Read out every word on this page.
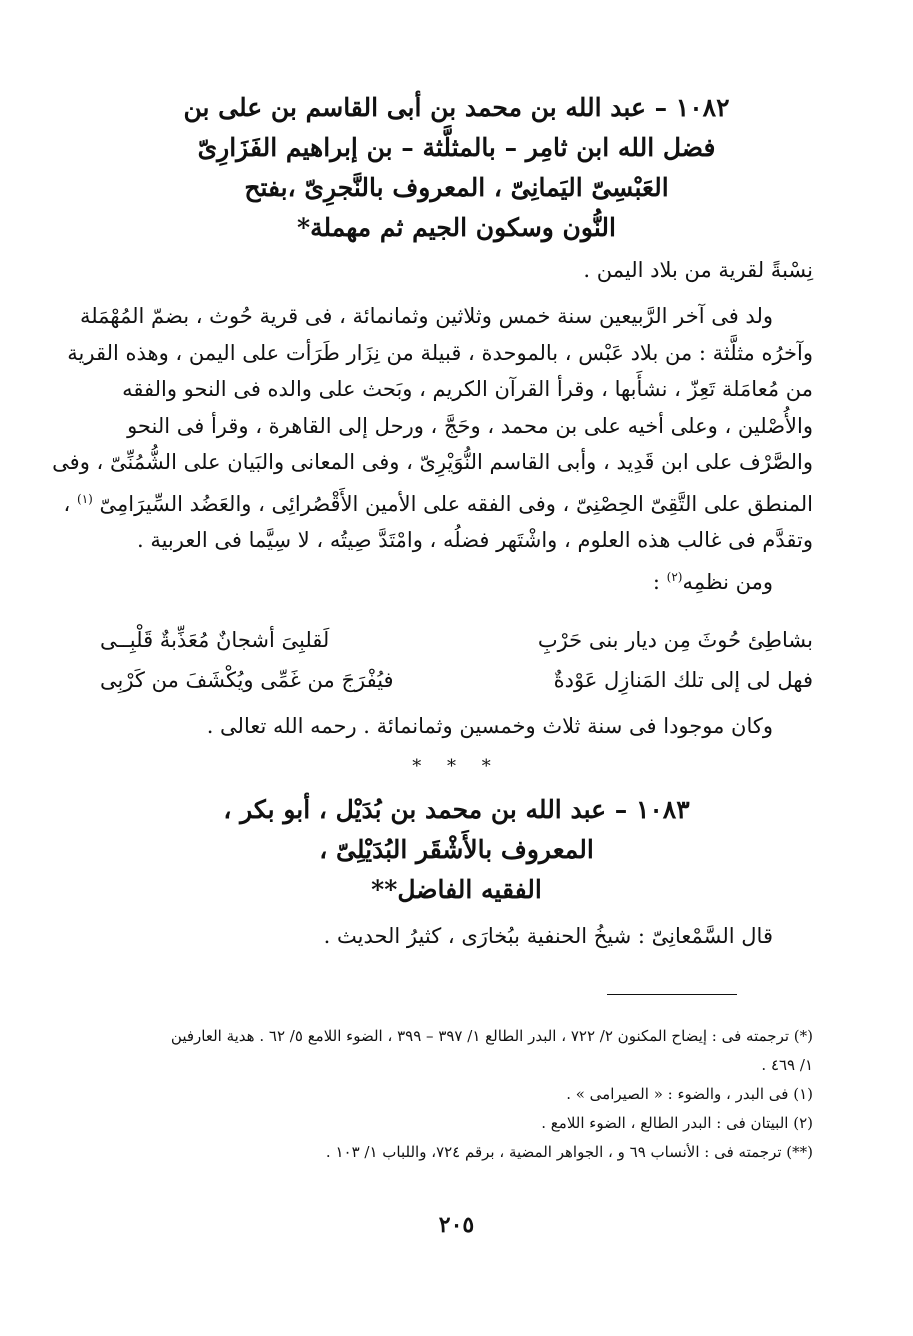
١٠٨٢ – عبد الله بن محمد بن أبى القاسم بن على بن
فضل الله ابن ثامِر – بالمثلَّثة – بن إبراهيم الفَزَارِىّ
العَبْسِىّ اليَمانِىّ ، المعروف بالنَّجرِىّ ،بفتح
النُّون وسكون الجيم ثم مهملة*
نِسْبةً لقرية من بلاد اليمن .
ولد فى آخر الرَّبيعين سنة خمس وثلاثين وثمانمائة ، فى قرية حُوث ، بضمّ المُهْمَلة
وآخرُه مثلَّثة : من بلاد عَبْس ، بالموحدة ، قبيلة من نِزَار طَرَأت على اليمن ، وهذه القرية
من مُعامَلة تَعِزّ ، نشأَبها ، وقرأ القرآن الكريم ، وبَحث على والده فى النحو والفقه
والأُصْلين ، وعلى أخيه على بن محمد ، وحَجَّ ، ورحل إلى القاهرة ، وقرأ فى النحو
والصَّرْف على ابن قَدِيد ، وأبى القاسم النُّوَيْرِىّ ، وفى المعانى والبَيان على الشُّمُنِّىّ ، وفى
المنطق على التَّقِىّ الحِصْنِىّ ، وفى الفقه على الأمين الأَقْصُرائِى ، والعَضُد السِّيرَامِىّ $^{(١)}$ ،
وتقدَّم فى غالب هذه العلوم ، واشْتَهر فضلُه ، وامْتَدَّ صِيتُه ، لا سِيَّما فى العربية .
ومن نظمِه$^{(٢)}$ :
بشاطِئ حُوثَ مِن ديار بنى حَرْبِ
لَقلبِىَ أشجانٌ مُعَذِّبةٌ قَلْبِــى
فهل لى إلى تلك المَنازِل عَوْدةٌ
فيُفْرَجَ من غَمِّى ويُكْشَفَ من كَرْبِى
وكان موجودا فى سنة ثلاث وخمسين وثمانمائة . رحمه الله تعالى .
* * *
١٠٨٣ – عبد الله بن محمد بن بُدَيْل ، أبو بكر ،
المعروف بالأَشْقَر البُدَيْلِىّ ،
الفقيه الفاضل**
قال السَّمْعانِىّ : شيخُ الحنفية ببُخارَى ، كثيرُ الحديث .
(*) ترجمته فى : إيضاح المكنون ٢/ ٧٢٢ ، البدر الطالع ١/ ٣٩٧ – ٣٩٩ ، الضوء اللامع ٥/ ٦٢ . هدية العارفين
١/ ٤٦٩ .
(١) فى البدر ، والضوء : « الصيرامى » .
(٢) البيتان فى : البدر الطالع ، الضوء اللامع .
(**) ترجمته فى : الأنساب ٦٩ و ، الجواهر المضية ، برقم ٧٢٤، واللباب ١/ ١٠٣ .
٢٠٥
